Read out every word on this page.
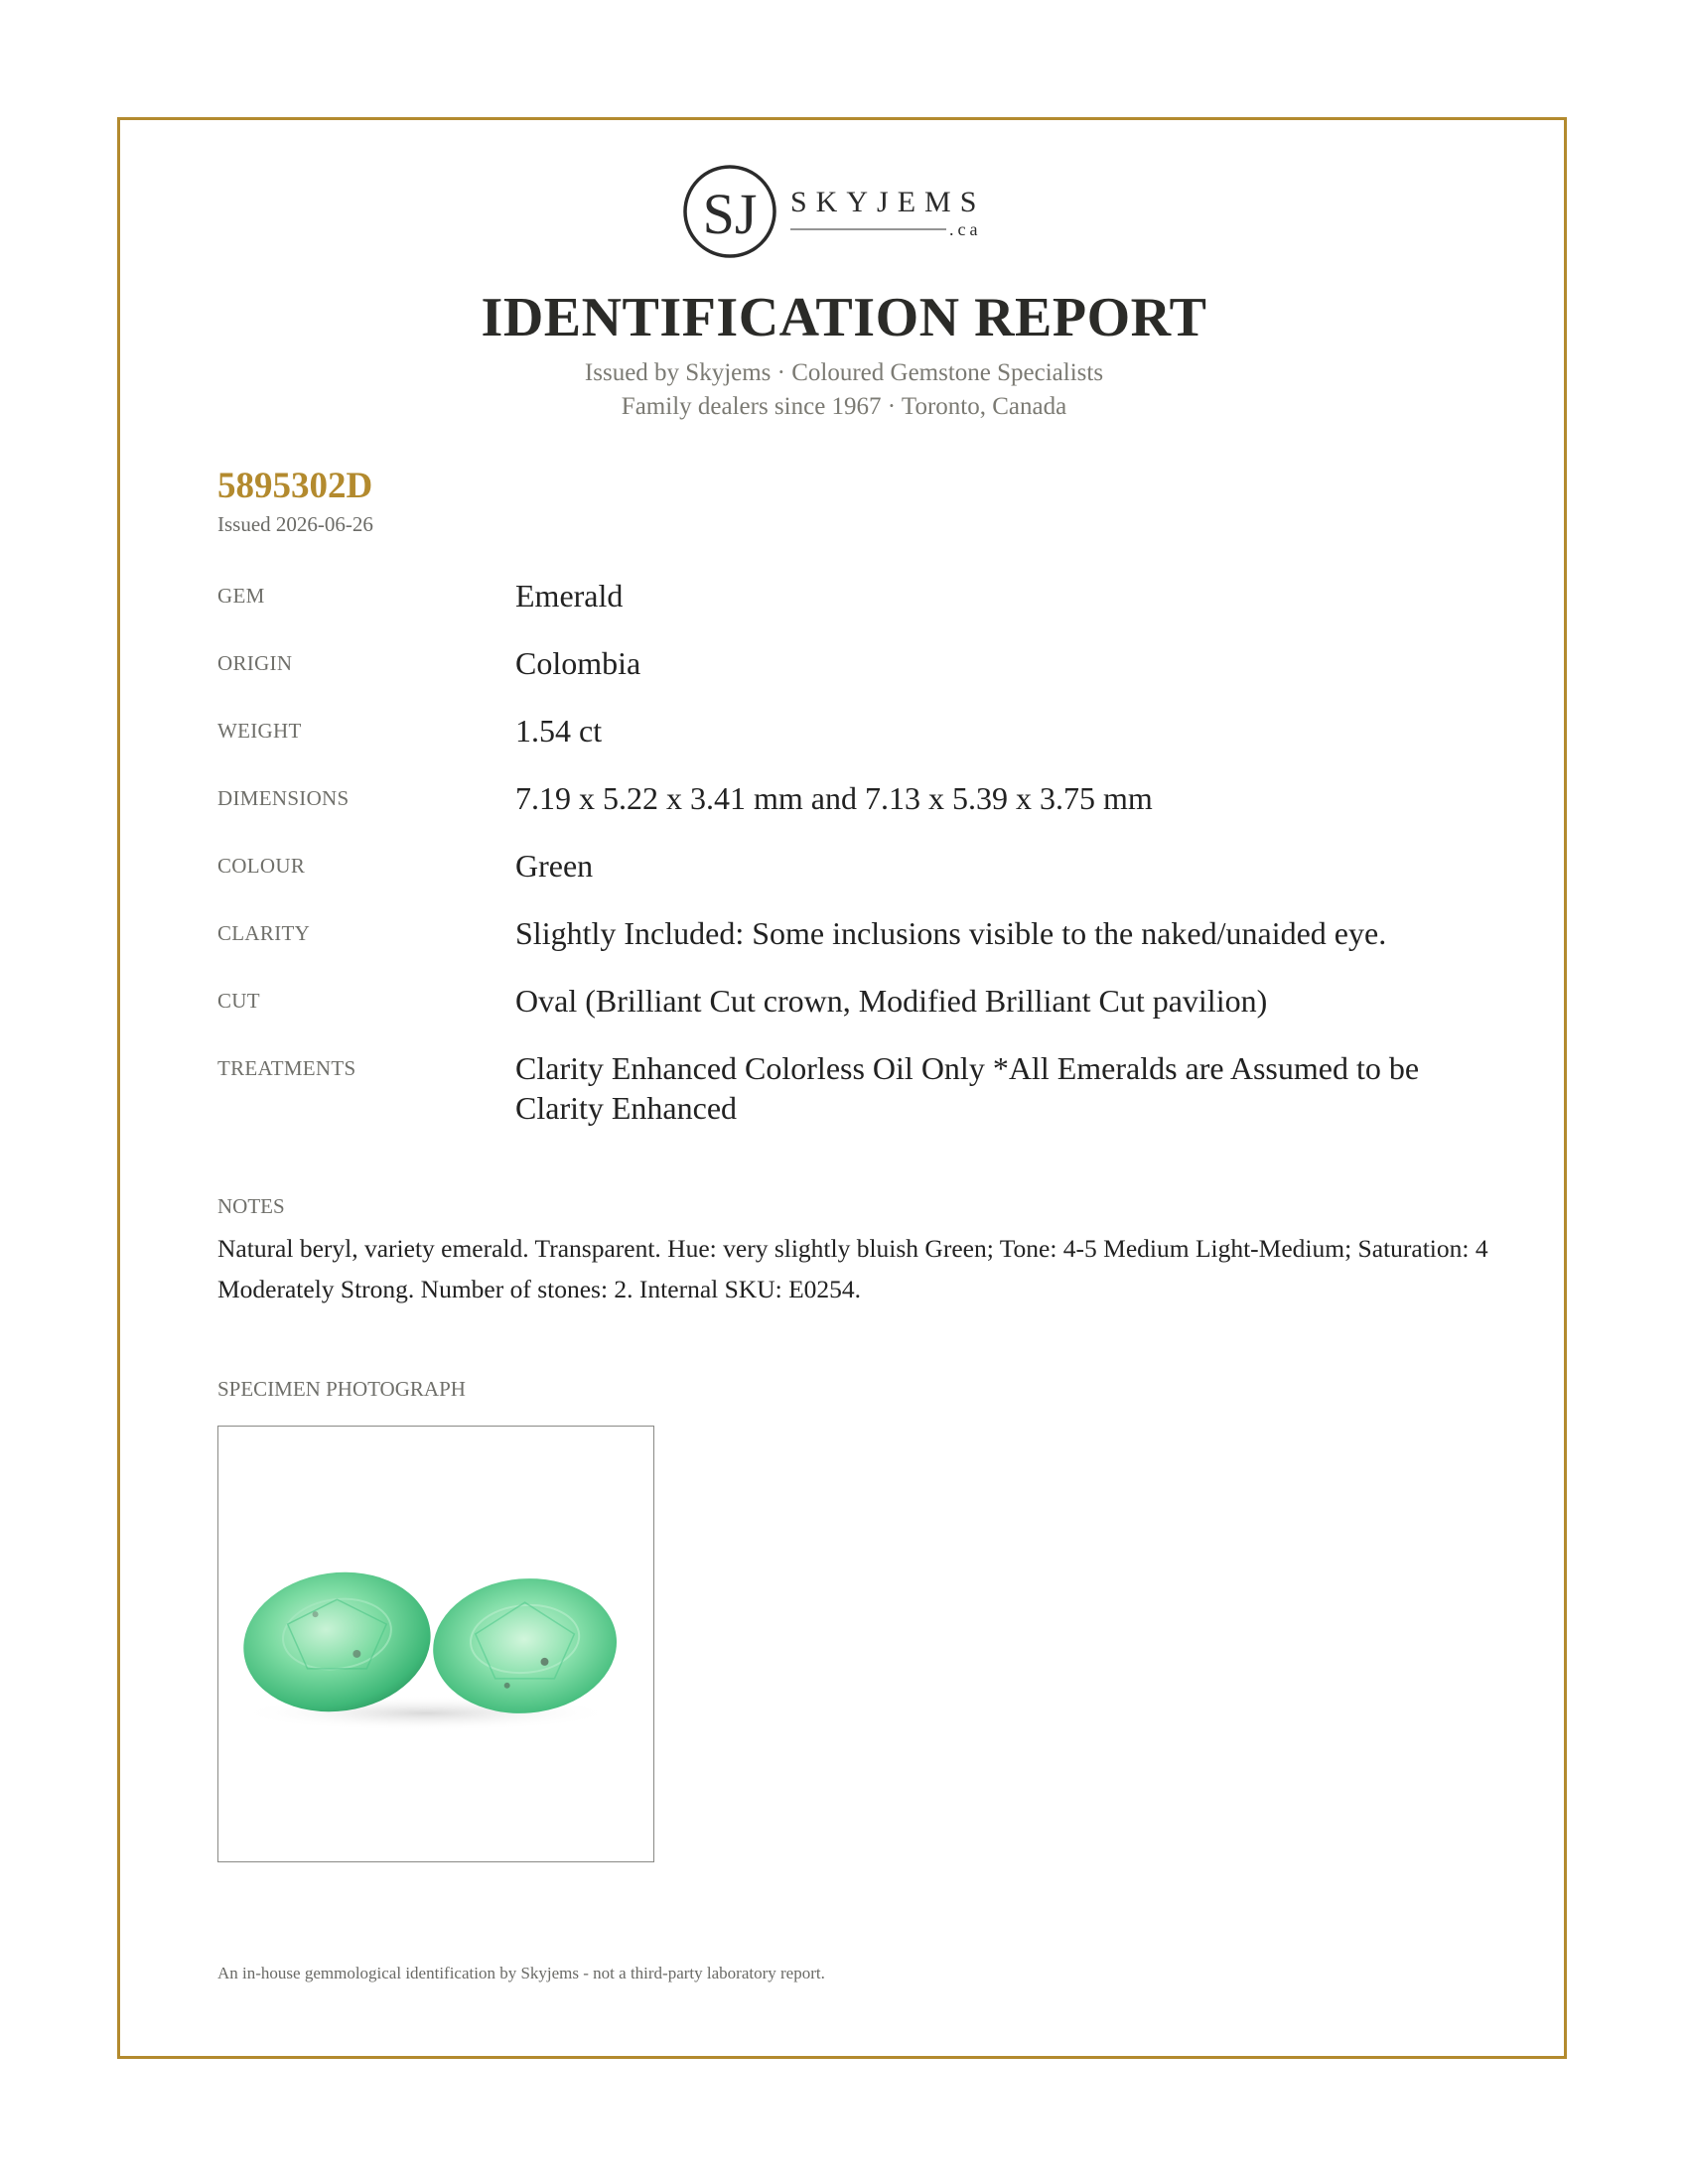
SJ SKYJEMS
.ca
IDENTIFICATION REPORT
Issued by Skyjems · Coloured Gemstone Specialists
Family dealers since 1967 · Toronto, Canada
5895302D
Issued 2026-06-26
GEM	Emerald
ORIGIN	Colombia
WEIGHT	1.54 ct
DIMENSIONS	7.19 x 5.22 x 3.41 mm and 7.13 x 5.39 x 3.75 mm
COLOUR	Green
CLARITY	Slightly Included: Some inclusions visible to the naked/unaided eye.
CUT	Oval (Brilliant Cut crown, Modified Brilliant Cut pavilion)
TREATMENTS	Clarity Enhanced Colorless Oil Only *All Emeralds are Assumed to be Clarity Enhanced
NOTES
Natural beryl, variety emerald. Transparent. Hue: very slightly bluish Green; Tone: 4-5 Medium Light-Medium; Saturation: 4 Moderately Strong. Number of stones: 2. Internal SKU: E0254.
SPECIMEN PHOTOGRAPH
An in-house gemmological identification by Skyjems - not a third-party laboratory report.
